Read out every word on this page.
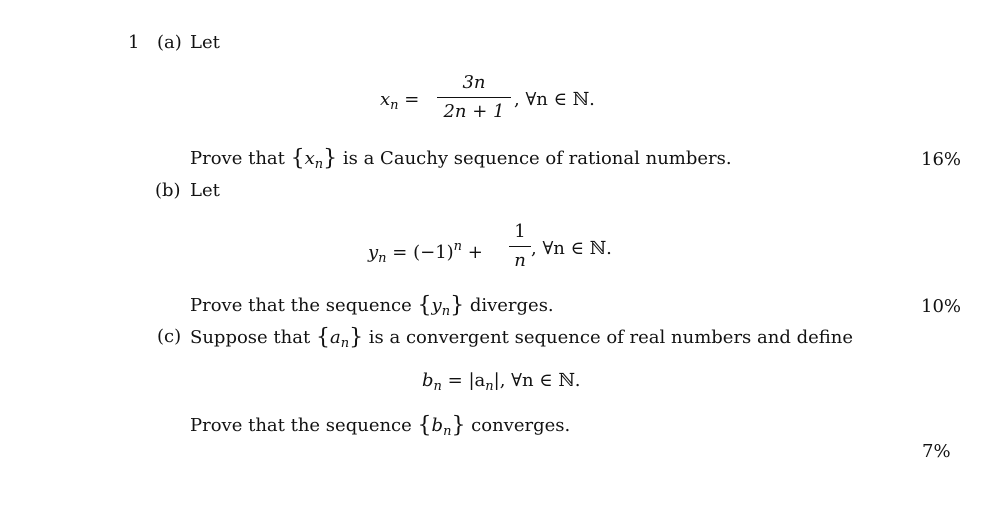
1 (a) Let
$x_n$ =
3n
2n + 1
, ∀n ∈ ℕ.
Prove that $\{x_n\}$ is a Cauchy sequence of rational numbers.	16%
(b) Let
$y_n = (-1)^n$ +
1
n
, ∀n ∈ ℕ.
Prove that the sequence $\{y_n\}$ diverges.	10%
(c) Suppose that $\{a_n\}$ is a convergent sequence of real numbers and define
$b_n = |a_n|$, ∀n ∈ ℕ.
Prove that the sequence $\{b_n\}$ converges.
7%
